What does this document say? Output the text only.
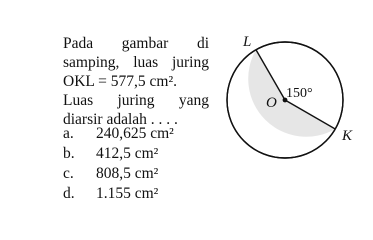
Pada gambar di
samping, luas juring
OKL = 577,5 cm².
Luas juring yang
diarsir adalah . . . .
a.	240,625 cm²
b.	412,5 cm²
c.	808,5 cm²
d.	1.155 cm²
L
O
K
150°
